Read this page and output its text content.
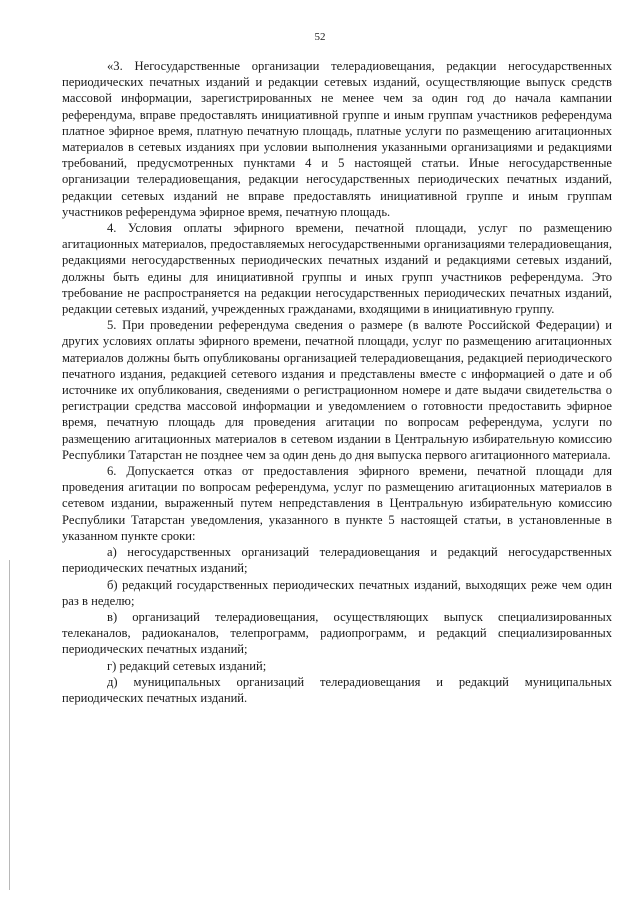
52

«3. Негосударственные организации телерадиовещания, редакции негосударственных периодических печатных изданий и редакции сетевых изданий, осуществляющие выпуск средств массовой информации, зарегистрированных не менее чем за один год до начала кампании референдума, вправе предоставлять инициативной группе и иным группам участников референдума платное эфирное время, платную печатную площадь, платные услуги по размещению агитационных материалов в сетевых изданиях при условии выполнения указанными организациями и редакциями требований, предусмотренных пунктами 4 и 5 настоящей статьи. Иные негосударственные организации телерадиовещания, редакции негосударственных периодических печатных изданий, редакции сетевых изданий не вправе предоставлять инициативной группе и иным группам участников референдума эфирное время, печатную площадь.

4. Условия оплаты эфирного времени, печатной площади, услуг по размещению агитационных материалов, предоставляемых негосударственными организациями телерадиовещания, редакциями негосударственных периодических печатных изданий и редакциями сетевых изданий, должны быть едины для инициативной группы и иных групп участников референдума. Это требование не распространяется на редакции негосударственных периодических печатных изданий, редакции сетевых изданий, учрежденных гражданами, входящими в инициативную группу.

5. При проведении референдума сведения о размере (в валюте Российской Федерации) и других условиях оплаты эфирного времени, печатной площади, услуг по размещению агитационных материалов должны быть опубликованы организацией телерадиовещания, редакцией периодического печатного издания, редакцией сетевого издания и представлены вместе с информацией о дате и об источнике их опубликования, сведениями о регистрационном номере и дате выдачи свидетельства о регистрации средства массовой информации и уведомлением о готовности предоставить эфирное время, печатную площадь для проведения агитации по вопросам референдума, услуги по размещению агитационных материалов в сетевом издании в Центральную избирательную комиссию Республики Татарстан не позднее чем за один день до дня выпуска первого агитационного материала.

6. Допускается отказ от предоставления эфирного времени, печатной площади для проведения агитации по вопросам референдума, услуг по размещению агитационных материалов в сетевом издании, выраженный путем непредставления в Центральную избирательную комиссию Республики Татарстан уведомления, указанного в пункте 5 настоящей статьи, в установленные в указанном пункте сроки:

а) негосударственных организаций телерадиовещания и редакций негосударственных периодических печатных изданий;

б) редакций государственных периодических печатных изданий, выходящих реже чем один раз в неделю;

в) организаций телерадиовещания, осуществляющих выпуск специализированных телеканалов, радиоканалов, телепрограмм, радиопрограмм, и редакций специализированных периодических печатных изданий;

г) редакций сетевых изданий;

д) муниципальных организаций телерадиовещания и редакций муниципальных периодических печатных изданий.
